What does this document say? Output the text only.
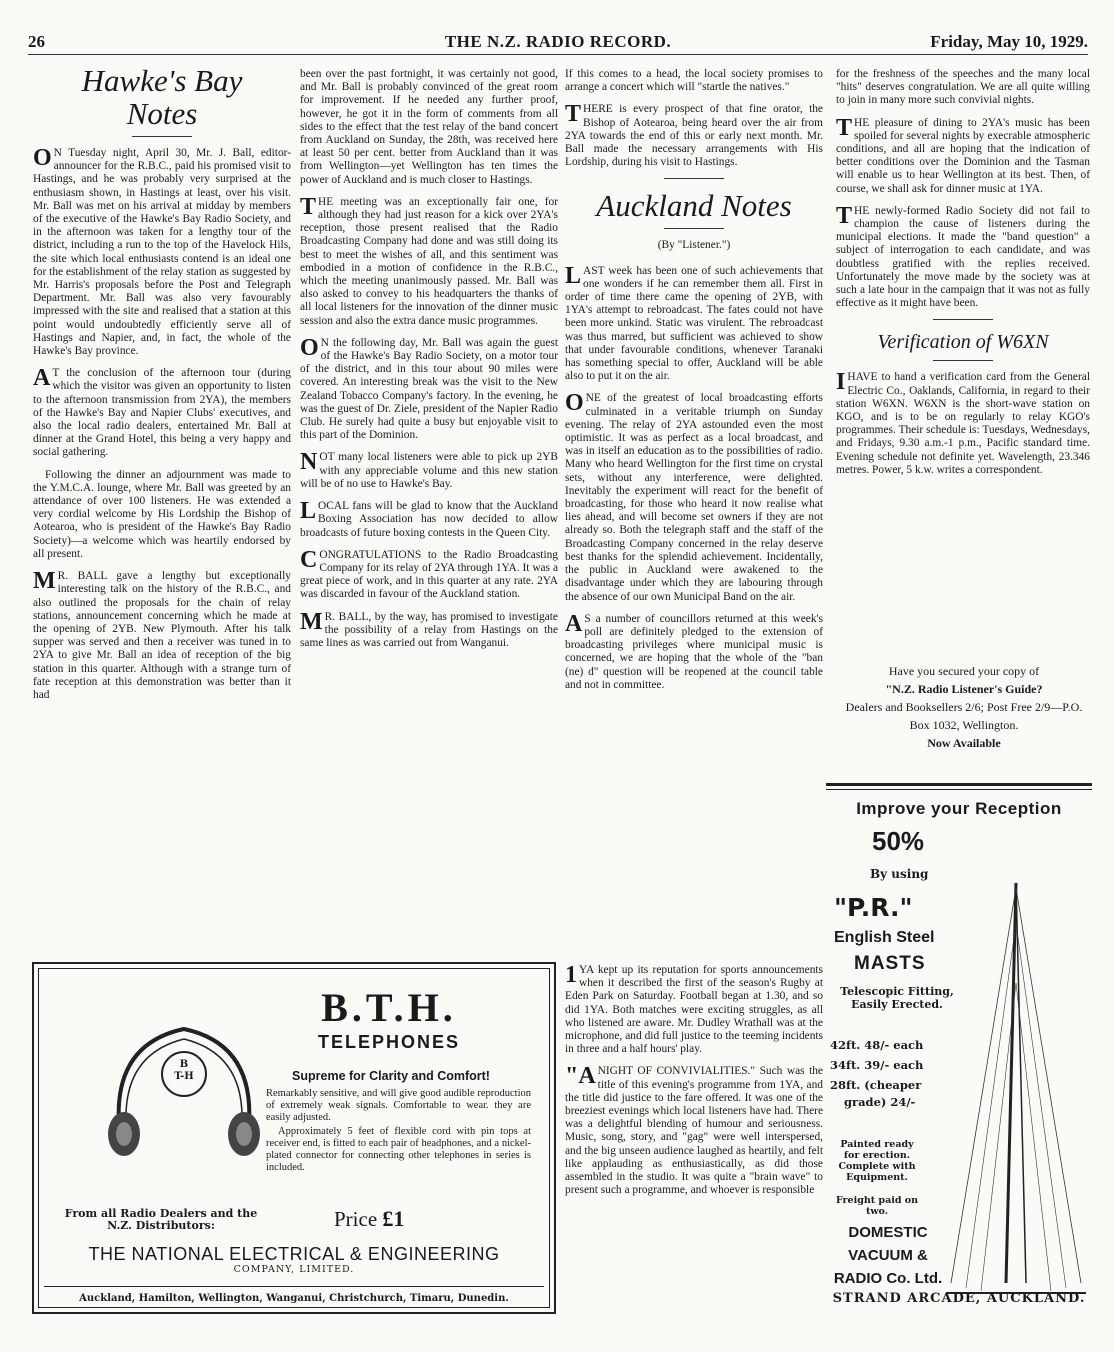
26	THE N.Z. RADIO RECORD.	Friday, May 10, 1929.
Hawke's Bay
Notes

O N Tuesday night, April 30, Mr. J. Ball, editor-announcer for the R.B.C., paid his promised visit to Hastings, and he was probably very surprised at the enthusiasm shown, in Hastings at least, over his visit. Mr. Ball was met on his arrival at midday by members of the executive of the Hawke's Bay Radio Society, and in the afternoon was taken for a lengthy tour of the district, including a run to the top of the Havelock Hils, the site which local enthusiasts contend is an ideal one for the establishment of the relay station as suggested by Mr. Harris's proposals before the Post and Telegraph Department. Mr. Ball was also very favourably impressed with the site and realised that a station at this point would undoubtedly efficiently serve all of Hastings and Napier, and, in fact, the whole of the Hawke's Bay province.

A T the conclusion of the afternoon tour (during which the visitor was given an opportunity to listen to the afternoon transmission from 2YA), the members of the Hawke's Bay and Napier Clubs' executives, and also the local radio dealers, entertained Mr. Ball at dinner at the Grand Hotel, this being a very happy and social gathering.

Following the dinner an adjournment was made to the Y.M.C.A. lounge, where Mr. Ball was greeted by an attendance of over 100 listeners. He was extended a very cordial welcome by His Lordship the Bishop of Aotearoa, who is president of the Hawke's Bay Radio Society)—a welcome which was heartily endorsed by all present.

M R. BALL gave a lengthy but exceptionally interesting talk on the history of the R.B.C., and also outlined the proposals for the chain of relay stations, announcement concerning which he made at the opening of 2YB. New Plymouth. After his talk supper was served and then a receiver was tuned in to 2YA to give Mr. Ball an idea of reception of the big station in this quarter. Although with a strange turn of fate reception at this demonstration was better than it had

been over the past fortnight, it was certainly not good, and Mr. Ball is probably convinced of the great room for improvement. If he needed any further proof, however, he got it in the form of comments from all sides to the effect that the test relay of the band concert from Auckland on Sunday, the 28th, was received here at least 50 per cent. better from Auckland than it was from Wellington—yet Wellington has ten times the power of Auckland and is much closer to Hastings.

THE meeting was an exceptionally fair one, for although they had just reason for a kick over 2YA's reception, those present realised that the Radio Broadcasting Company had done and was still doing its best to meet the wishes of all, and this sentiment was embodied in a motion of confidence in the R.B.C., which the meeting unanimously passed. Mr. Ball was also asked to convey to his headquarters the thanks of all local listeners for the innovation of the dinner music session and also the extra dance music programmes.

O N the following day, Mr. Ball was again the guest of the Hawke's Bay Radio Society, on a motor tour of the district, and in this tour about 90 miles were covered. An interesting break was the visit to the New Zealand Tobacco Company's factory. In the evening, he was the guest of Dr. Ziele, president of the Napier Radio Club. He surely had quite a busy but enjoyable visit to this part of the Dominion.

NOT many local listeners were able to pick up 2YB with any appreciable volume and this new station will be of no use to Hawke's Bay.

LOCAL fans will be glad to know that the Auckland Boxing Association has now decided to allow broadcasts of future boxing contests in the Queen City.

CONGRATULATIONS to the Radio Broadcasting Company for its relay of 2YA through 1YA. It was a great piece of work, and in this quarter at any rate. 2YA was discarded in favour of the Auckland station.

M R. BALL, by the way, has promised to investigate the possibility of a relay from Hastings on the same lines as was carried out from Wanganui.

If this comes to a head, the local society promises to arrange a concert which will "startle the natives."

THERE is every prospect of that fine orator, the Bishop of Aotearoa, being heard over the air from 2YA towards the end of this or early next month. Mr. Ball made the necessary arrangements with His Lordship, during his visit to Hastings.

Auckland Notes

(By "Listener.")

LAST week has been one of such achievements that one wonders if he can remember them all. First in order of time there came the opening of 2YB, with 1YA's attempt to rebroadcast. The fates could not have been more unkind. Static was virulent. The rebroadcast was thus marred, but sufficient was achieved to show that under favourable conditions, whenever Taranaki has something special to offer, Auckland will be able also to put it on the air.

ONE of the greatest of local broadcasting efforts culminated in a veritable triumph on Sunday evening. The relay of 2YA astounded even the most optimistic. It was as perfect as a local broadcast, and was in itself an education as to the possibilities of radio. Many who heard Wellington for the first time on crystal sets, without any interference, were delighted. Inevitably the experiment will react for the benefit of broadcasting, for those who heard it now realise what lies ahead, and will become set owners if they are not already so. Both the telegraph staff and the staff of the Broadcasting Company concerned in the relay deserve best thanks for the splendid achievement. Incidentally, the public in Auckland were awakened to the disadvantage under which they are labouring through the absence of our own Municipal Band on the air.

A S a number of councillors returned at this week's poll are definitely pledged to the extension of broadcasting privileges where municipal music is concerned, we are hoping that the whole of the "ban (ne) d" question will be reopened at the council table and not in committee.

1 YA kept up its reputation for sports announcements when it described the first of the season's Rugby at Eden Park on Saturday. Football began at 1.30, and so did 1YA. Both matches were exciting struggles, as all who listened are aware. Mr. Dudley Wrathall was at the microphone, and did full justice to the teeming incidents in three and a half hours' play.

"ANIGHT OF CONVIVIALITIES." Such was the title of this evening's programme from 1YA, and the title did justice to the fare offered. It was one of the breeziest evenings which local listeners have had. There was a delightful blending of humour and seriousness. Music, song, story, and "gag" were well interspersed, and the big unseen audience laughed as heartily, and felt like applauding as enthusiastically, as did those assembled in the studio. It was quite a "brain wave" to present such a programme, and whoever is responsible

for the freshness of the speeches and the many local "hits" deserves congratulation. We are all quite willing to join in many more such convivial nights.

THE pleasure of dining to 2YA's music has been spoiled for several nights by execrable atmospheric conditions, and all are hoping that the indication of better conditions over the Dominion and the Tasman will enable us to hear Wellington at its best. Then, of course, we shall ask for dinner music at 1YA.

THE newly-formed Radio Society did not fail to champion the cause of listeners during the municipal elections. It made the "band question" a subject of interrogation to each candidate, and was doubtless gratified with the replies received. Unfortunately the move made by the society was at such a late hour in the campaign that it was not as fully effective as it might have been.

Verification of W6XN

IHAVE to hand a verification card from the General Electric Co., Oaklands, California, in regard to their station W6XN. W6XN is the short-wave station on KGO, and is to be on regularly to relay KGO's programmes. Their schedule is: Tuesdays, Wednesdays, and Fridays, 9.30 a.m.-1 p.m., Pacific standard time. Evening schedule not definite yet. Wavelength, 23.346 metres. Power, 5 k.w. writes a correspondent.

Have you secured your copy of
"N.Z. Radio Listener's Guide?
Dealers and Booksellers 2/6; Post Free 2/9—P.O. Box 1032, Wellington.
Now Available
B
T-H
B.T.H.
TELEPHONES
Supreme for Clarity and Comfort!

Remarkably sensitive, and will give good audible reproduction of extremely weak signals. Comfortable to wear. they are easily adjusted.

Approximately 5 feet of flexible cord with pin tops at receiver end, is fitted to each pair of headphones, and a nickel-plated connector for connecting other telephones in series is included.

From all Radio Dealers and the N.Z. Distributors:	Price £1
THE NATIONAL ELECTRICAL & ENGINEERING
COMPANY, LIMITED.
Auckland, Hamilton, Wellington, Wanganui, Christchurch, Timaru, Dunedin.
Improve your Reception
50%
By using
"P.R."
English Steel
MASTS
Telescopic Fitting, Easily Erected.
42ft. 48/- each
34ft. 39/- each
28ft. (cheaper
grade) 24/-
Painted ready for erection. Complete with Equipment.
Freight paid on two.
DOMESTIC
VACUUM &
RADIO Co. Ltd.
STRAND ARCADE, AUCKLAND.
